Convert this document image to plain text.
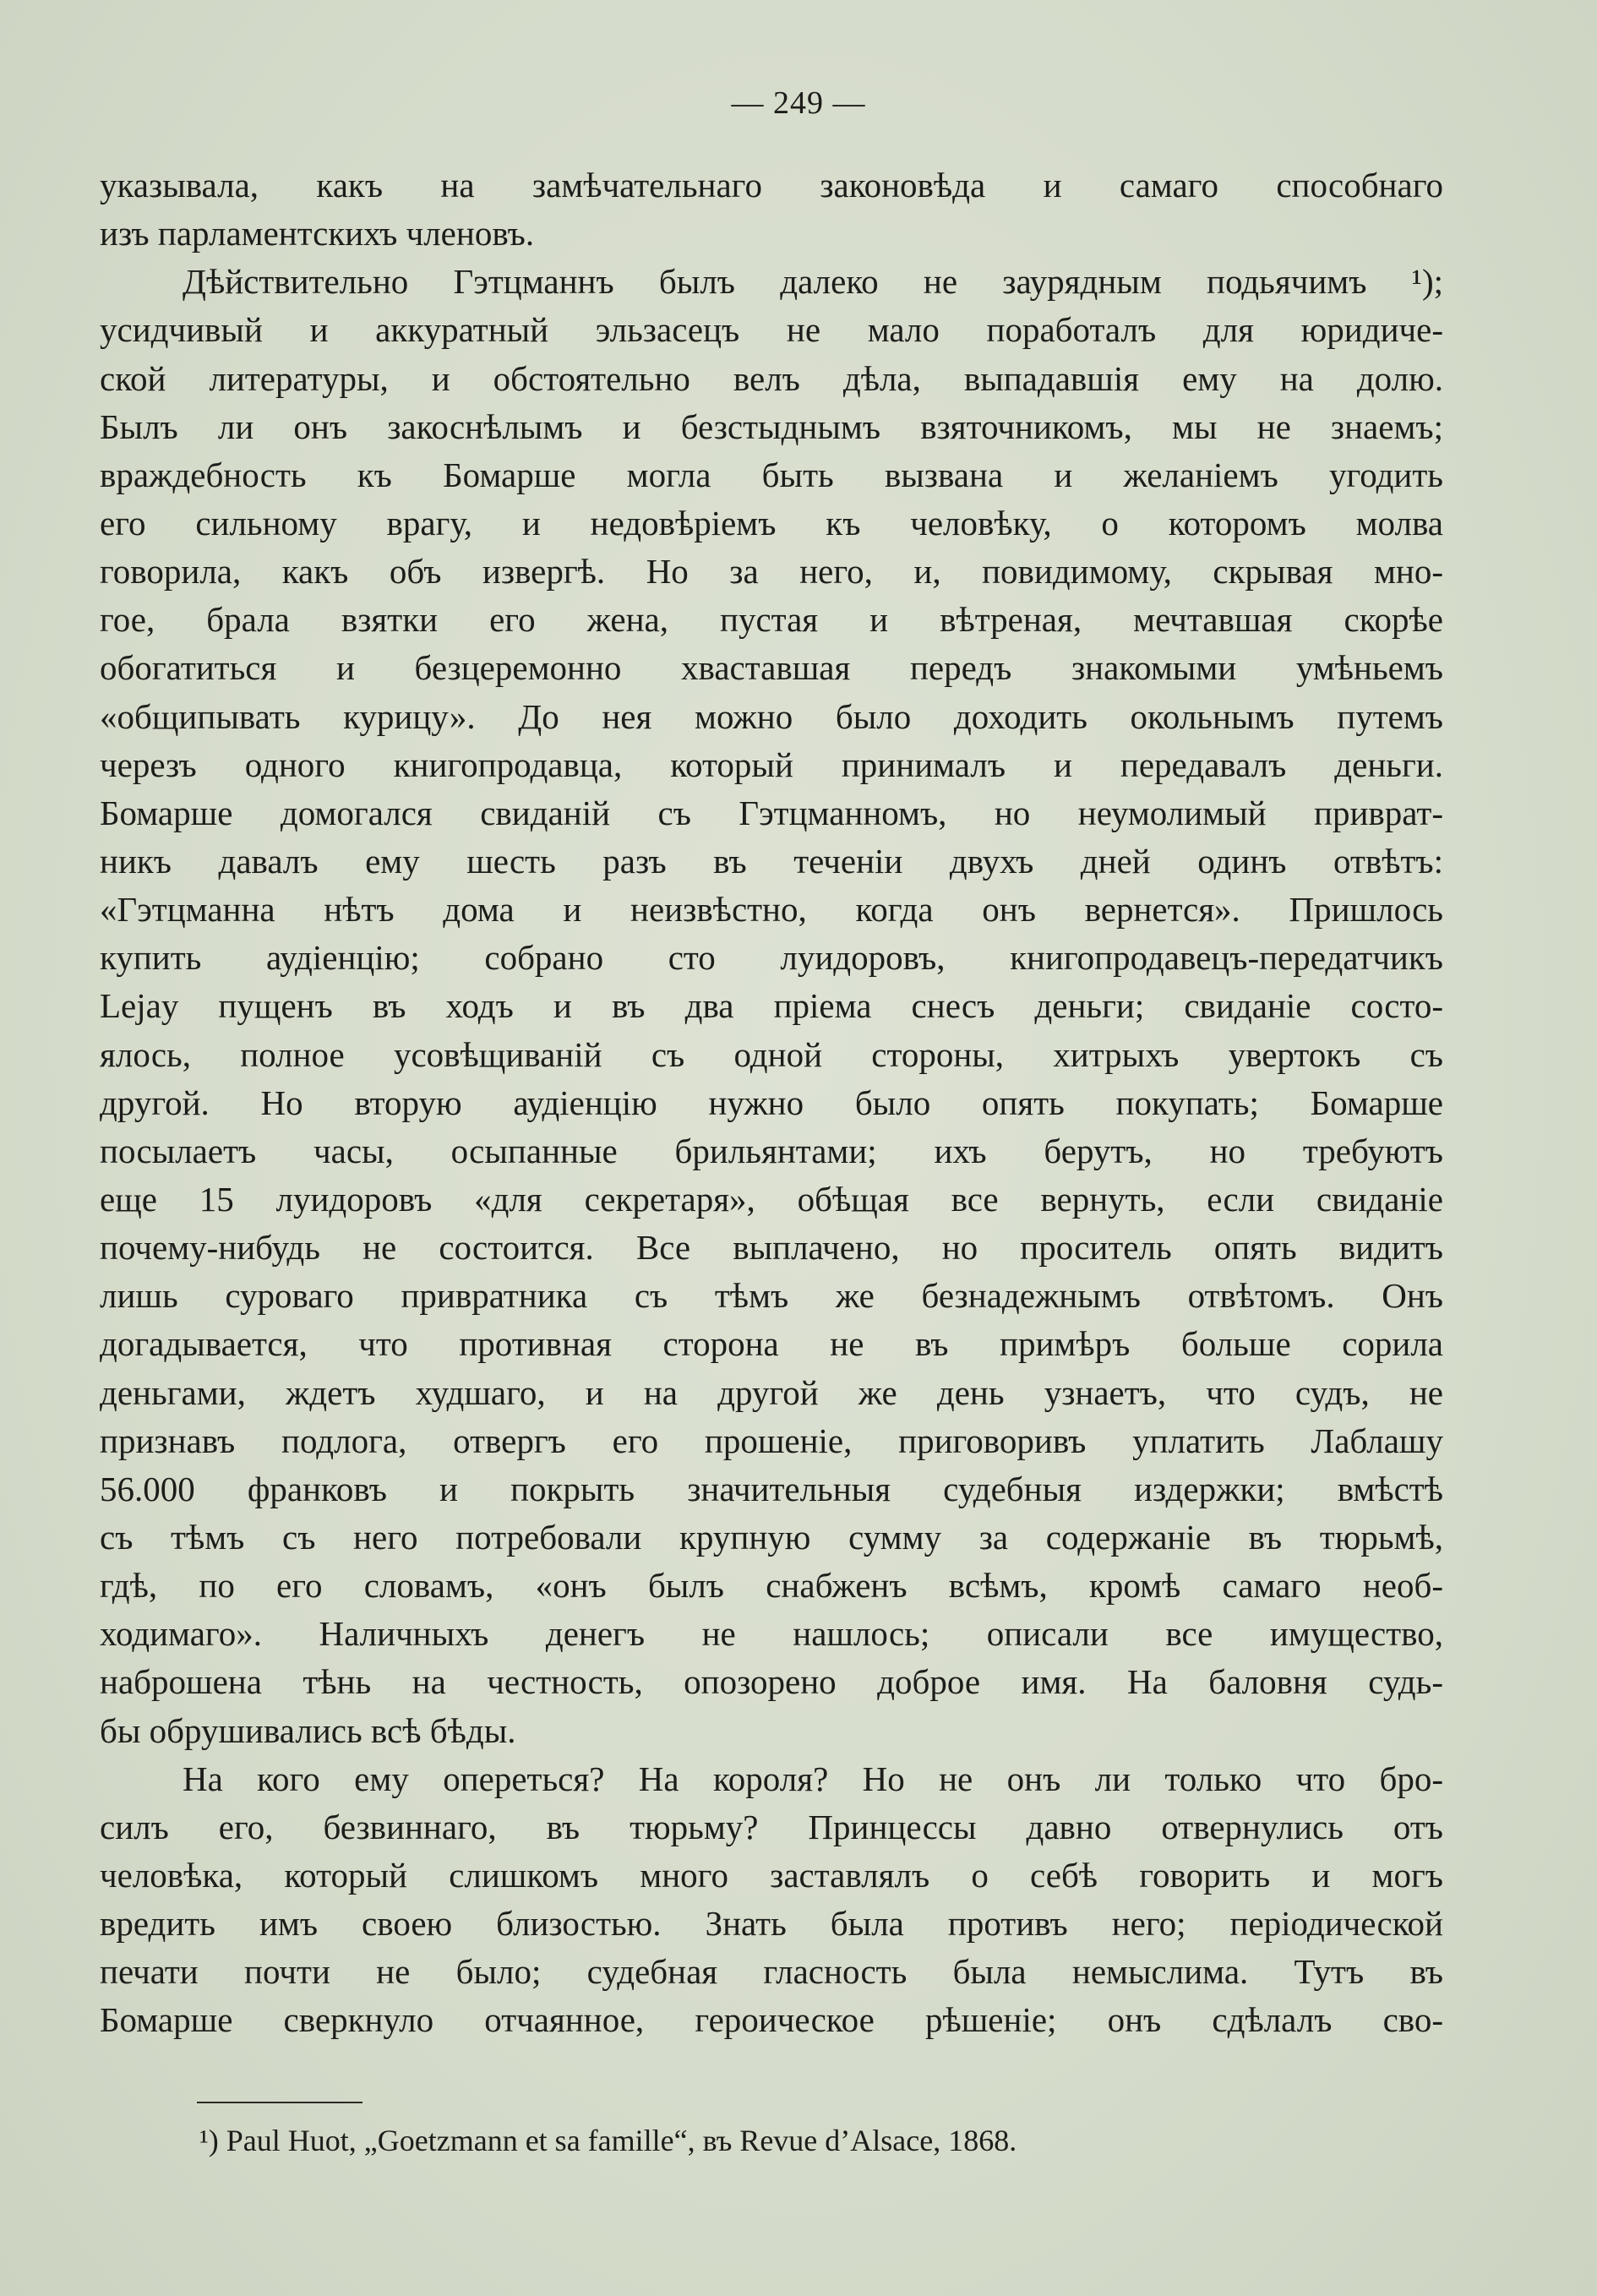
— 249 —
указывала, какъ на замѣчательнаго законовѣда и самаго способнаго
изъ парламентскихъ членовъ.
Дѣйствительно Гэтцманнъ былъ далеко не заурядным подьячимъ ¹);
усидчивый и аккуратный эльзасецъ не мало поработалъ для юридиче-
ской литературы, и обстоятельно велъ дѣла, выпадавшія ему на долю.
Былъ ли онъ закоснѣлымъ и безстыднымъ взяточникомъ, мы не знаемъ;
враждебность къ Бомарше могла быть вызвана и желаніемъ угодить
его сильному врагу, и недовѣріемъ къ человѣку, о которомъ молва
говорила, какъ объ извергѣ. Но за него, и, повидимому, скрывая мно-
гое, брала взятки его жена, пустая и вѣтреная, мечтавшая скорѣе
обогатиться и безцеремонно хваставшая передъ знакомыми умѣньемъ
«общипывать курицу». До нея можно было доходить окольнымъ путемъ
черезъ одного книгопродавца, который принималъ и передавалъ деньги.
Бомарше домогался свиданій съ Гэтцманномъ, но неумолимый приврат-
никъ давалъ ему шесть разъ въ теченіи двухъ дней одинъ отвѣтъ:
«Гэтцманна нѣтъ дома и неизвѣстно, когда онъ вернется». Пришлось
купить аудіенцію; собрано сто луидоровъ, книгопродавецъ-передатчикъ
Lejay пущенъ въ ходъ и въ два пріема снесъ деньги; свиданіе состо-
ялось, полное усовѣщиваній съ одной стороны, хитрыхъ увертокъ съ
другой. Но вторую аудіенцію нужно было опять покупать; Бомарше
посылаетъ часы, осыпанные брильянтами; ихъ берутъ, но требуютъ
еще 15 луидоровъ «для секретаря», обѣщая все вернуть, если свиданіе
почему-нибудь не состоится. Все выплачено, но проситель опять видитъ
лишь суроваго привратника съ тѣмъ же безнадежнымъ отвѣтомъ. Онъ
догадывается, что противная сторона не въ примѣръ больше сорила
деньгами, ждетъ худшаго, и на другой же день узнаетъ, что судъ, не
признавъ подлога, отвергъ его прошеніе, приговоривъ уплатить Лаблашу
56.000 франковъ и покрыть значительныя судебныя издержки; вмѣстѣ
съ тѣмъ съ него потребовали крупную сумму за содержаніе въ тюрьмѣ,
гдѣ, по его словамъ, «онъ былъ снабженъ всѣмъ, кромѣ самаго необ-
ходимаго». Наличныхъ денегъ не нашлось; описали все имущество,
наброшена тѣнь на честность, опозорено доброе имя. На баловня судь-
бы обрушивались всѣ бѣды.
На кого ему опереться? На короля? Но не онъ ли только что бро-
силъ его, безвиннаго, въ тюрьму? Принцессы давно отвернулись отъ
человѣка, который слишкомъ много заставлялъ о себѣ говорить и могъ
вредить имъ своею близостью. Знать была противъ него; періодической
печати почти не было; судебная гласность была немыслима. Тутъ въ
Бомарше сверкнуло отчаянное, героическое рѣшеніе; онъ сдѣлалъ сво-
¹) Paul Huot, „Goetzmann et sa famille“, въ Revue d’Alsace, 1868.
